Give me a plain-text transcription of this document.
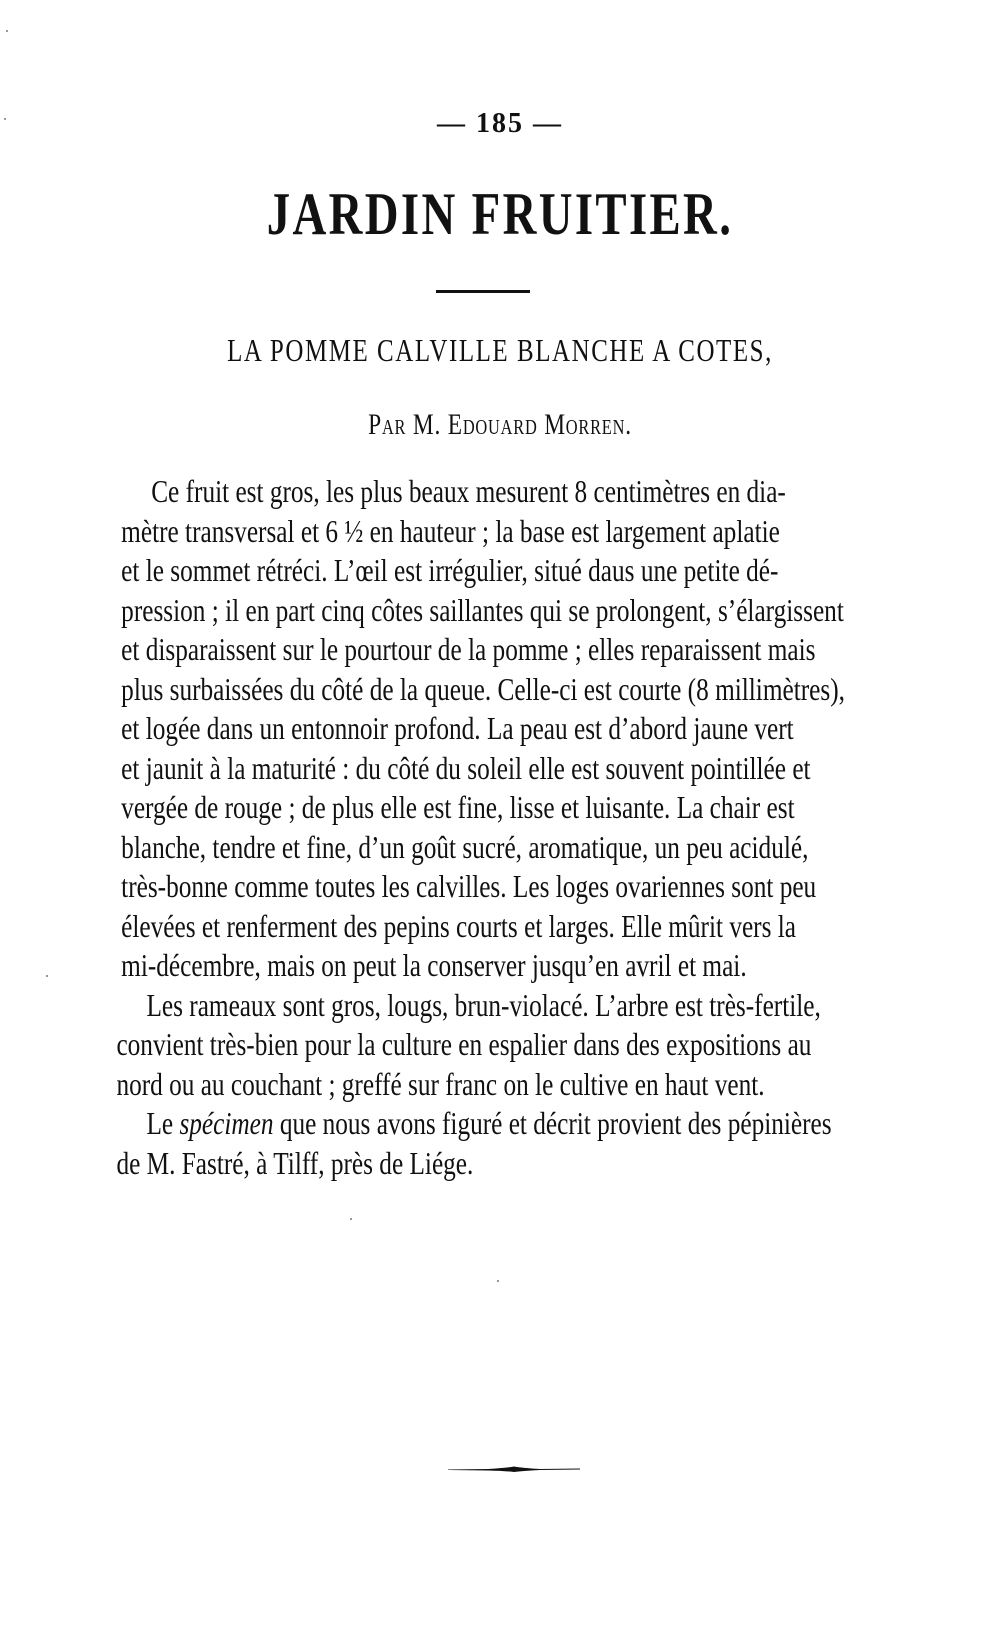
— 185 —
JARDIN FRUITIER.
LA POMME CALVILLE BLANCHE A COTES,
Par M. Edouard Morren.
Ce fruit est gros, les plus beaux mesurent 8 centimètres en dia-
mètre transversal et 6 ½ en hauteur ; la base est largement aplatie
et le sommet rétréci. L’œil est irrégulier, situé daus une petite dé-
pression ; il en part cinq côtes saillantes qui se prolongent, s’élargissent
et disparaissent sur le pourtour de la pomme ; elles reparaissent mais
plus surbaissées du côté de la queue. Celle-ci est courte (8 millimètres),
et logée dans un entonnoir profond. La peau est d’abord jaune vert
et jaunit à la maturité : du côté du soleil elle est souvent pointillée et
vergée de rouge ; de plus elle est fine, lisse et luisante. La chair est
blanche, tendre et fine, d’un goût sucré, aromatique, un peu acidulé,
très-bonne comme toutes les calvilles. Les loges ovariennes sont peu
élevées et renferment des pepins courts et larges. Elle mûrit vers la
mi-décembre, mais on peut la conserver jusqu’en avril et mai.
Les rameaux sont gros, lougs, brun-violacé. L’arbre est très-fertile,
convient très-bien pour la culture en espalier dans des expositions au
nord ou au couchant ; greffé sur franc on le cultive en haut vent.
Le spécimen que nous avons figuré et décrit provient des pépinières
de M. Fastré, à Tilff, près de Liége.
